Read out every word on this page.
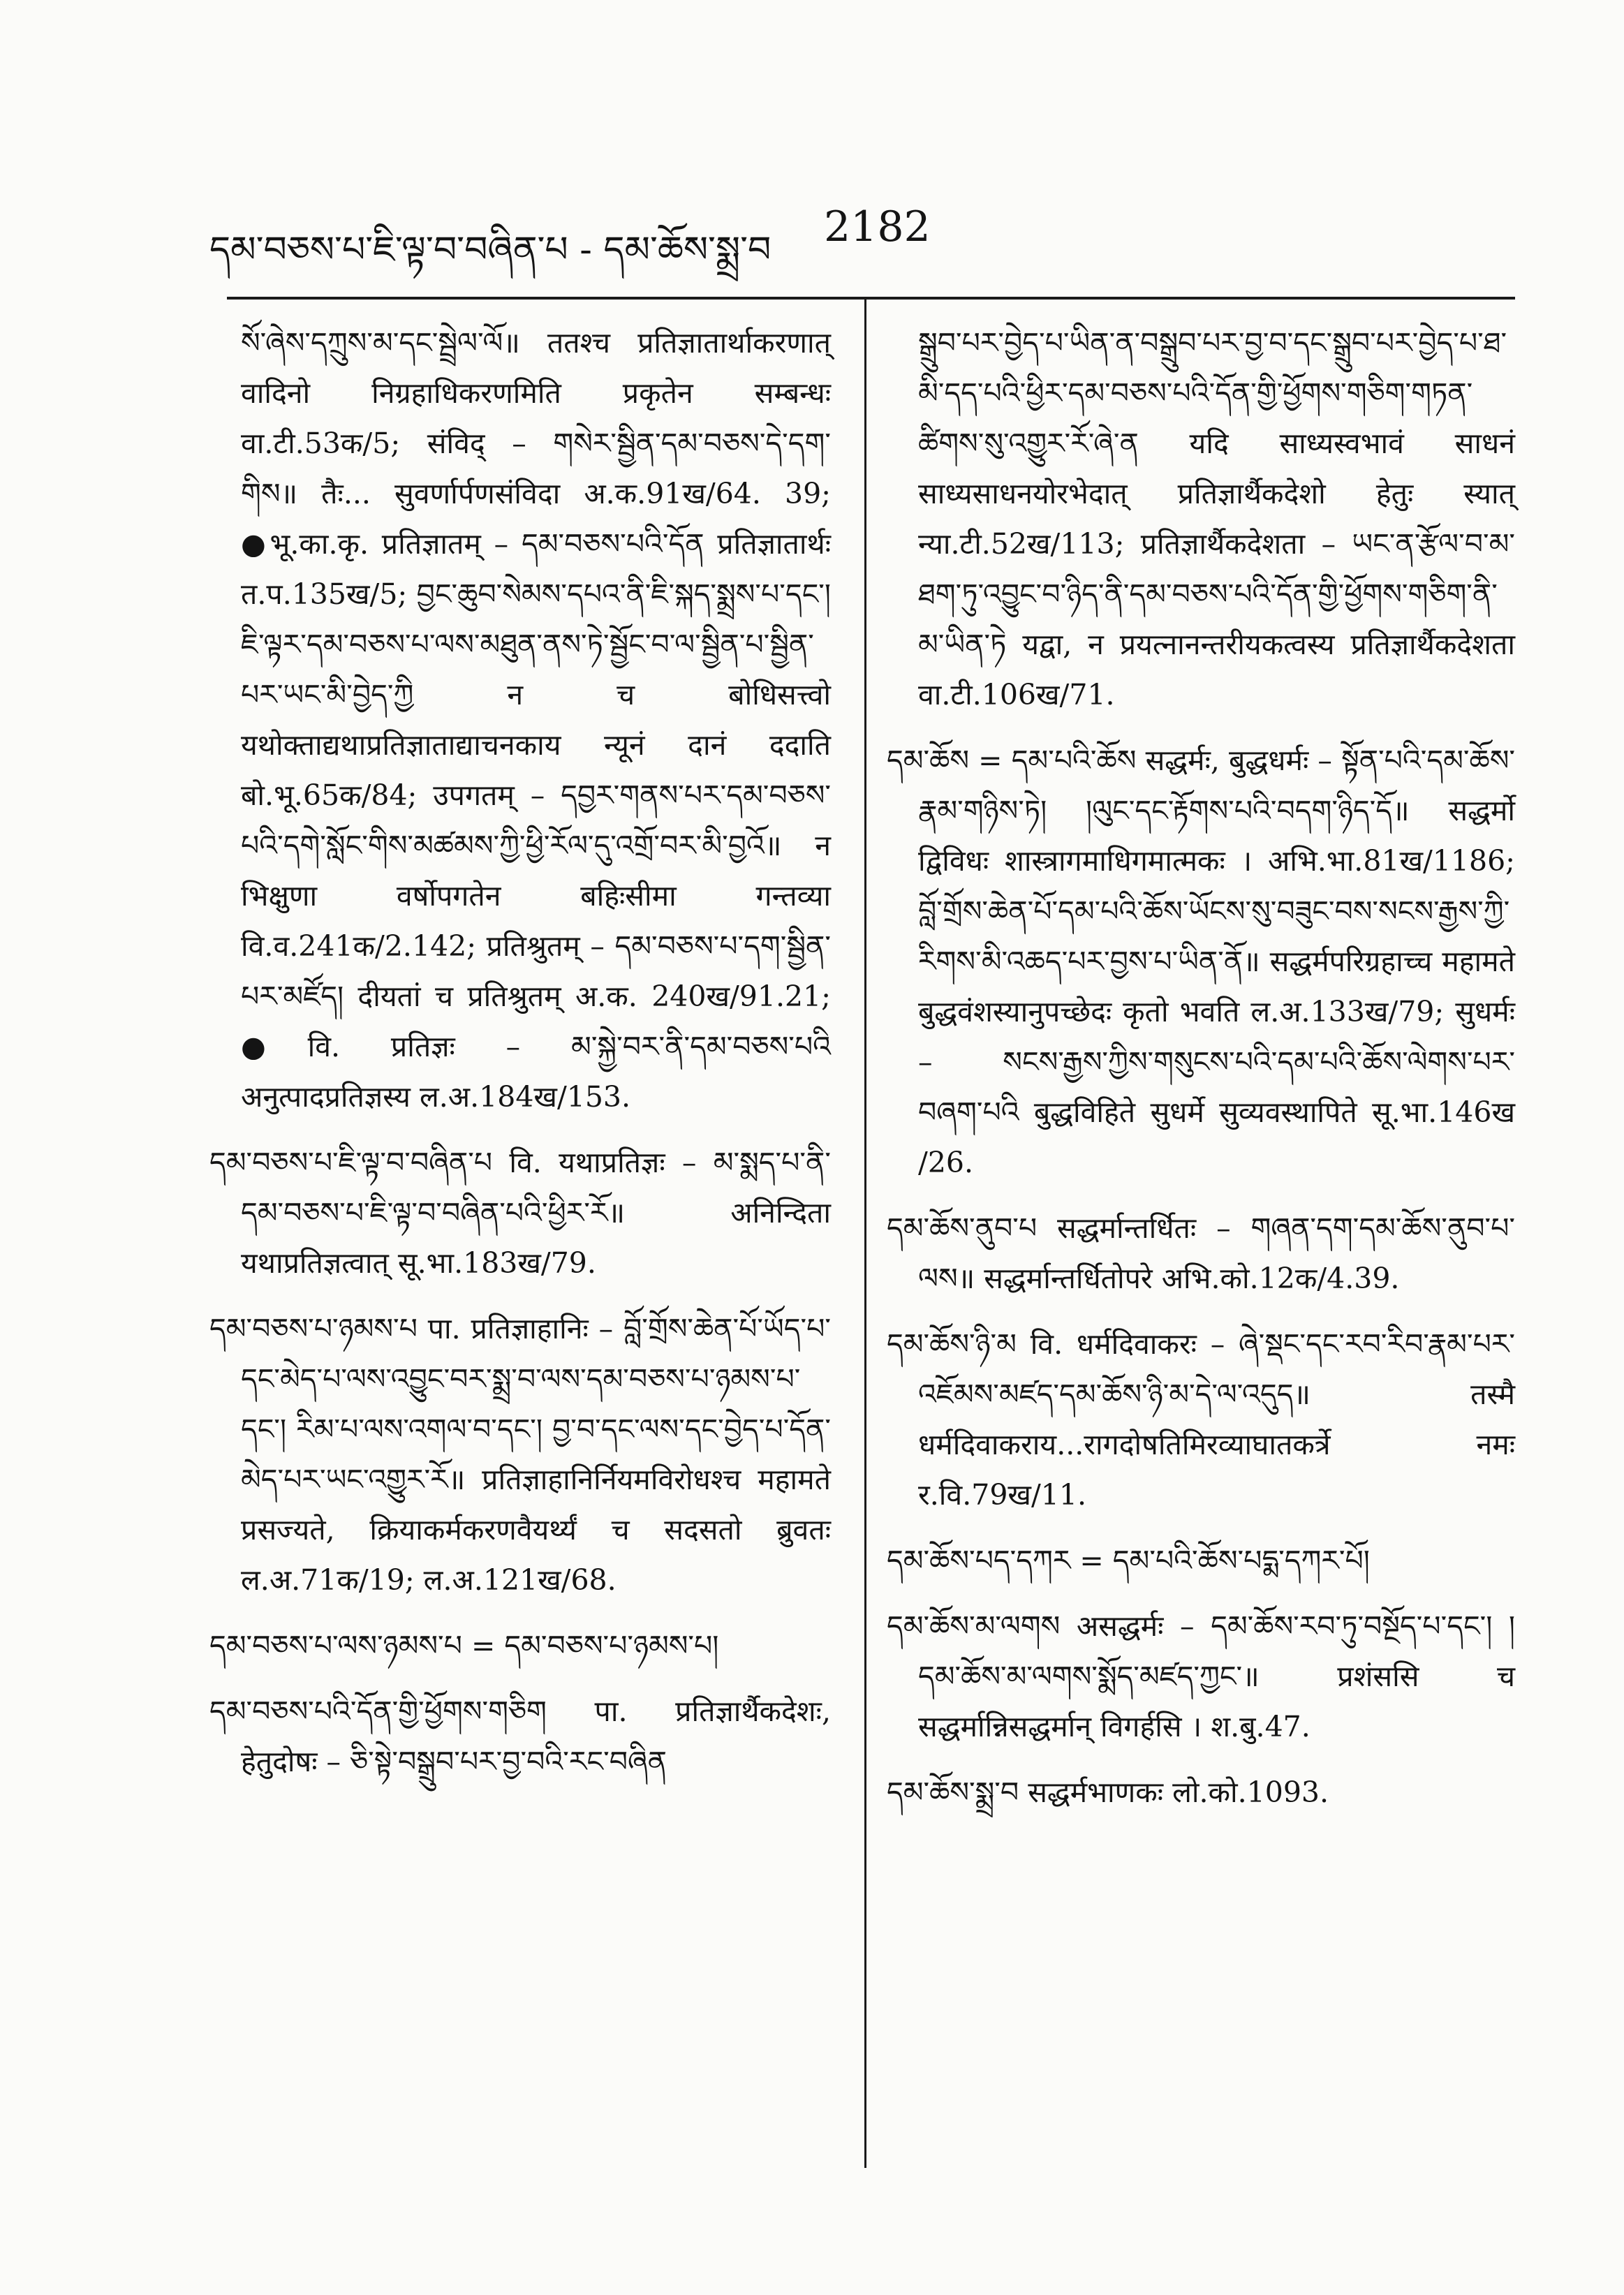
དམ་བཅས་པ་ཇི་ལྟ་བ་བཞིན་པ - དམ་ཆོས་སྨྲ་བ 2182

སོ་ཞེས་དཀྲུས་མ་དང་སྦྲེལ་ལོ॥ ततश्च प्रतिज्ञातार्थाकरणात् वादिनो निग्रहाधिकरणमिति प्रकृतेन सम्बन्धः वा.टी.53क/5; संविद् – གསེར་སྦྱིན་དམ་བཅས་དེ་དག་གིས॥ तैः... सुवर्णार्पणसंविदा अ.क.91ख/64. 39; ●भू.का.कृ. प्रतिज्ञातम् – དམ་བཅས་པའི་དོན प्रतिज्ञातार्थः त.प.135ख/5; བྱང་ཆུབ་སེམས་དཔའ་ནི་ཇི་སྐད་སྨྲས་པ་དང་། ཇི་ལྟར་དམ་བཅས་པ་ལས་མཐུན་ནས་ཏེ་སྦྱོང་བ་ལ་སྦྱིན་པ་སྦྱིན་པར་ཡང་མི་བྱེད་ཀྱི न च बोधिसत्त्वो यथोक्ताद्यथाप्रतिज्ञाताद्याचनकाय न्यूनं दानं ददाति बो.भू.65क/84; उपगतम् – དབྱར་གནས་པར་དམ་བཅས་པའི་དགེ་སློང་གིས་མཚམས་ཀྱི་ཕྱི་རོལ་དུ་འགྲོ་བར་མི་བྱའོ॥ न भिक्षुणा वर्षोपगतेन बहिःसीमा गन्तव्या वि.व.241क/2.142; प्रतिश्रुतम् – དམ་བཅས་པ་དག་སྦྱིན་པར་མཛོད། दीयतां च प्रतिश्रुतम् अ.क. 240ख/91.21; ●वि. प्रतिज्ञः – མ་སྐྱེ་བར་ནི་དམ་བཅས་པའི अनुत्पादप्रतिज्ञस्य ल.अ.184ख/153.

དམ་བཅས་པ་ཇི་ལྟ་བ་བཞིན་པ वि. यथाप्रतिज्ञः – མ་སྨད་པ་ནི་དམ་བཅས་པ་ཇི་ལྟ་བ་བཞིན་པའི་ཕྱིར་རོ॥ अनिन्दिता यथाप्रतिज्ञत्वात् सू.भा.183ख/79.

དམ་བཅས་པ་ཉམས་པ पा. प्रतिज्ञाहानिः – བློ་གྲོས་ཆེན་པོ་ཡོད་པ་དང་མེད་པ་ལས་འབྱུང་བར་སྨྲ་བ་ལས་དམ་བཅས་པ་ཉམས་པ་དང་། རིམ་པ་ལས་འགལ་བ་དང་། བྱ་བ་དང་ལས་དང་བྱེད་པ་དོན་མེད་པར་ཡང་འགྱུར་རོ॥ प्रतिज्ञाहानिर्नियमविरोधश्च महामते प्रसज्यते, क्रियाकर्मकरणवैयर्थ्यं च सदसतो ब्रुवतः ल.अ.71क/19; ल.अ.121ख/68.

དམ་བཅས་པ་ལས་ཉམས་པ = དམ་བཅས་པ་ཉམས་པ།

དམ་བཅས་པའི་དོན་གྱི་ཕྱོགས་གཅིག पा. प्रतिज्ञार्थैकदेशः, हेतुदोषः – ཅི་སྟེ་བསྒྲུབ་པར་བྱ་བའི་རང་བཞིན

སྒྲུབ་པར་བྱེད་པ་ཡིན་ན་བསྒྲུབ་པར་བྱ་བ་དང་སྒྲུབ་པར་བྱེད་པ་ཐ་མི་དད་པའི་ཕྱིར་དམ་བཅས་པའི་དོན་གྱི་ཕྱོགས་གཅིག་གཏན་ཚིགས་སུ་འགྱུར་རོ་ཞེ་ན यदि साध्यस्वभावं साधनं साध्यसाधनयोरभेदात् प्रतिज्ञार्थैकदेशो हेतुः स्यात् न्या.टी.52ख/113; प्रतिज्ञार्थैकदेशता – ཡང་ན་རྩོལ་བ་མ་ཐག་ཏུ་འབྱུང་བ་ཉིད་ནི་དམ་བཅས་པའི་དོན་གྱི་ཕྱོགས་གཅིག་ནི་མ་ཡིན་ཏེ यद्वा, न प्रयत्नानन्तरीयकत्वस्य प्रतिज्ञार्थैकदेशता वा.टी.106ख/71.

དམ་ཆོས = དམ་པའི་ཆོས सद्धर्मः, बुद्धधर्मः – སྟོན་པའི་དམ་ཆོས་རྣམ་གཉིས་ཏེ། །ལུང་དང་རྟོགས་པའི་བདག་ཉིད་དོ॥ सद्धर्मो द्विविधः शास्त्रागमाधिगमात्मकः । अभि.भा.81ख/1186; བློ་གྲོས་ཆེན་པོ་དམ་པའི་ཆོས་ཡོངས་སུ་བཟུང་བས་སངས་རྒྱས་ཀྱི་རིགས་མི་འཆད་པར་བྱས་པ་ཡིན་ནོ॥ सद्धर्मपरिग्रहाच्च महामते बुद्धवंशस्यानुपच्छेदः कृतो भवति ल.अ.133ख/79; सुधर्मः – སངས་རྒྱས་ཀྱིས་གསུངས་པའི་དམ་པའི་ཆོས་ལེགས་པར་བཞག་པའི बुद्धविहिते सुधर्मे सुव्यवस्थापिते सू.भा.146ख /26.

དམ་ཆོས་ནུབ་པ सद्धर्मान्तर्धितः – གཞན་དག་དམ་ཆོས་ནུབ་པ་ལས॥ सद्धर्मान्तर्धितोपरे अभि.को.12क/4.39.

དམ་ཆོས་ཉི་མ वि. धर्मदिवाकरः – ཞེ་སྡང་དང་རབ་རིབ་རྣམ་པར་འཇོམས་མཛད་དམ་ཆོས་ཉི་མ་དེ་ལ་འདུད॥ तस्मै धर्मदिवाकराय...रागदोषतिमिरव्याघातकर्त्रे नमः र.वि.79ख/11.

དམ་ཆོས་པད་དཀར = དམ་པའི་ཆོས་པདྨ་དཀར་པོ།

དམ་ཆོས་མ་ལགས असद्धर्मः – དམ་ཆོས་རབ་ཏུ་བསྔོད་པ་དང་། །དམ་ཆོས་མ་ལགས་སྨོད་མཛད་ཀྱང་॥ प्रशंससि च सद्धर्मान्निसद्धर्मान् विगर्हसि । श.बु.47.

དམ་ཆོས་སྨྲ་བ सद्धर्मभाणकः लो.को.1093.
